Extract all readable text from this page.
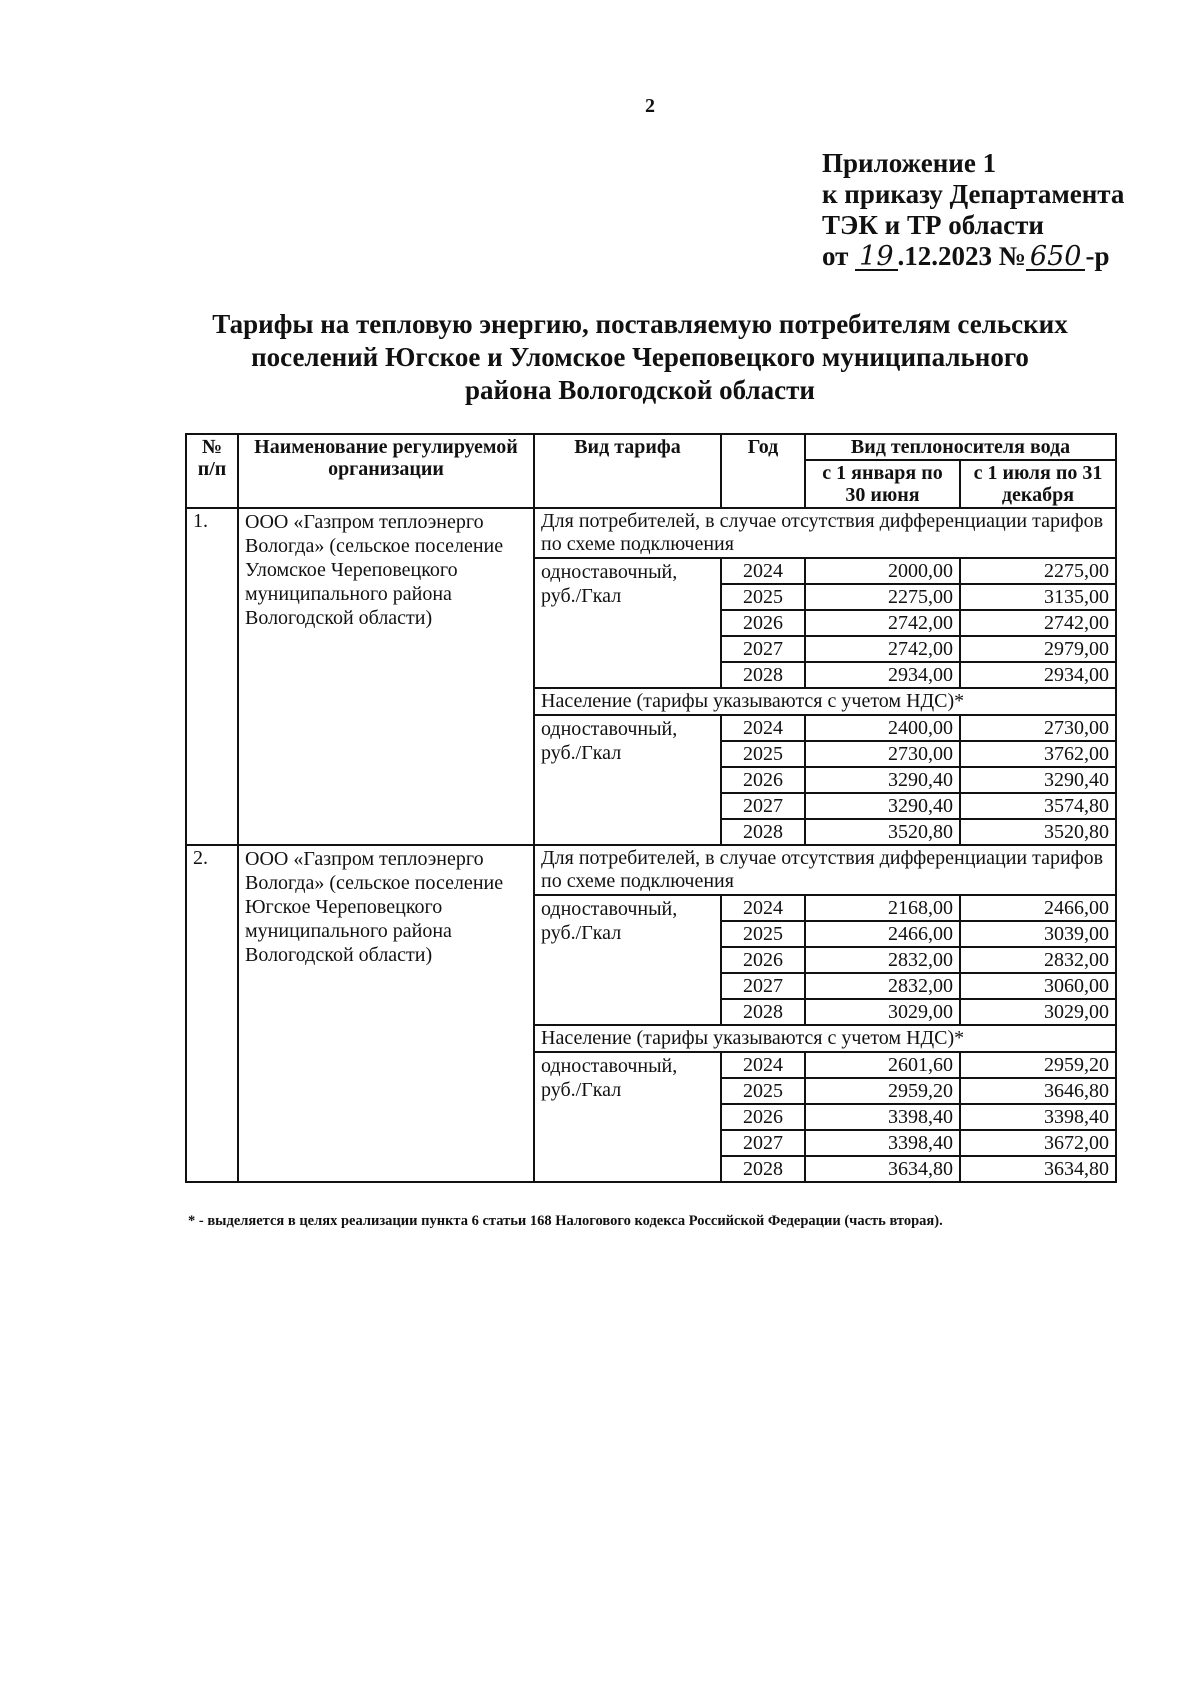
2
Приложение 1
к приказу Департамента
ТЭК и ТР области
от 19 .12.2023 № 650 -р
Тарифы на тепловую энергию, поставляемую потребителям сельских
поселений Югское и Уломское Череповецкого муниципального
района Вологодской области
№ п/п	Наименование регулируемой организации	Вид тарифа	Год	Вид теплоносителя вода	
				с 1 января по 30 июня	с 1 июля по 31 декабря
1.	ООО «Газпром теплоэнерго Вологда» (сельское поселение Уломское Череповецкого муниципального района Вологодской области)	Для потребителей, в случае отсутствия дифференциации тарифов по схеме подключения			
		одноставочный, руб./Гкал	2024	2000,00	2275,00
			2025	2275,00	3135,00
			2026	2742,00	2742,00
			2027	2742,00	2979,00
			2028	2934,00	2934,00
		Население (тарифы указываются с учетом НДС)*			
		одноставочный, руб./Гкал	2024	2400,00	2730,00
			2025	2730,00	3762,00
			2026	3290,40	3290,40
			2027	3290,40	3574,80
			2028	3520,80	3520,80
2.	ООО «Газпром теплоэнерго Вологда» (сельское поселение Югское Череповецкого муниципального района Вологодской области)	Для потребителей, в случае отсутствия дифференциации тарифов по схеме подключения			
		одноставочный, руб./Гкал	2024	2168,00	2466,00
			2025	2466,00	3039,00
			2026	2832,00	2832,00
			2027	2832,00	3060,00
			2028	3029,00	3029,00
		Население (тарифы указываются с учетом НДС)*			
		одноставочный, руб./Гкал	2024	2601,60	2959,20
			2025	2959,20	3646,80
			2026	3398,40	3398,40
			2027	3398,40	3672,00
			2028	3634,80	3634,80
* - выделяется в целях реализации пункта 6 статьи 168 Налогового кодекса Российской Федерации (часть вторая).
